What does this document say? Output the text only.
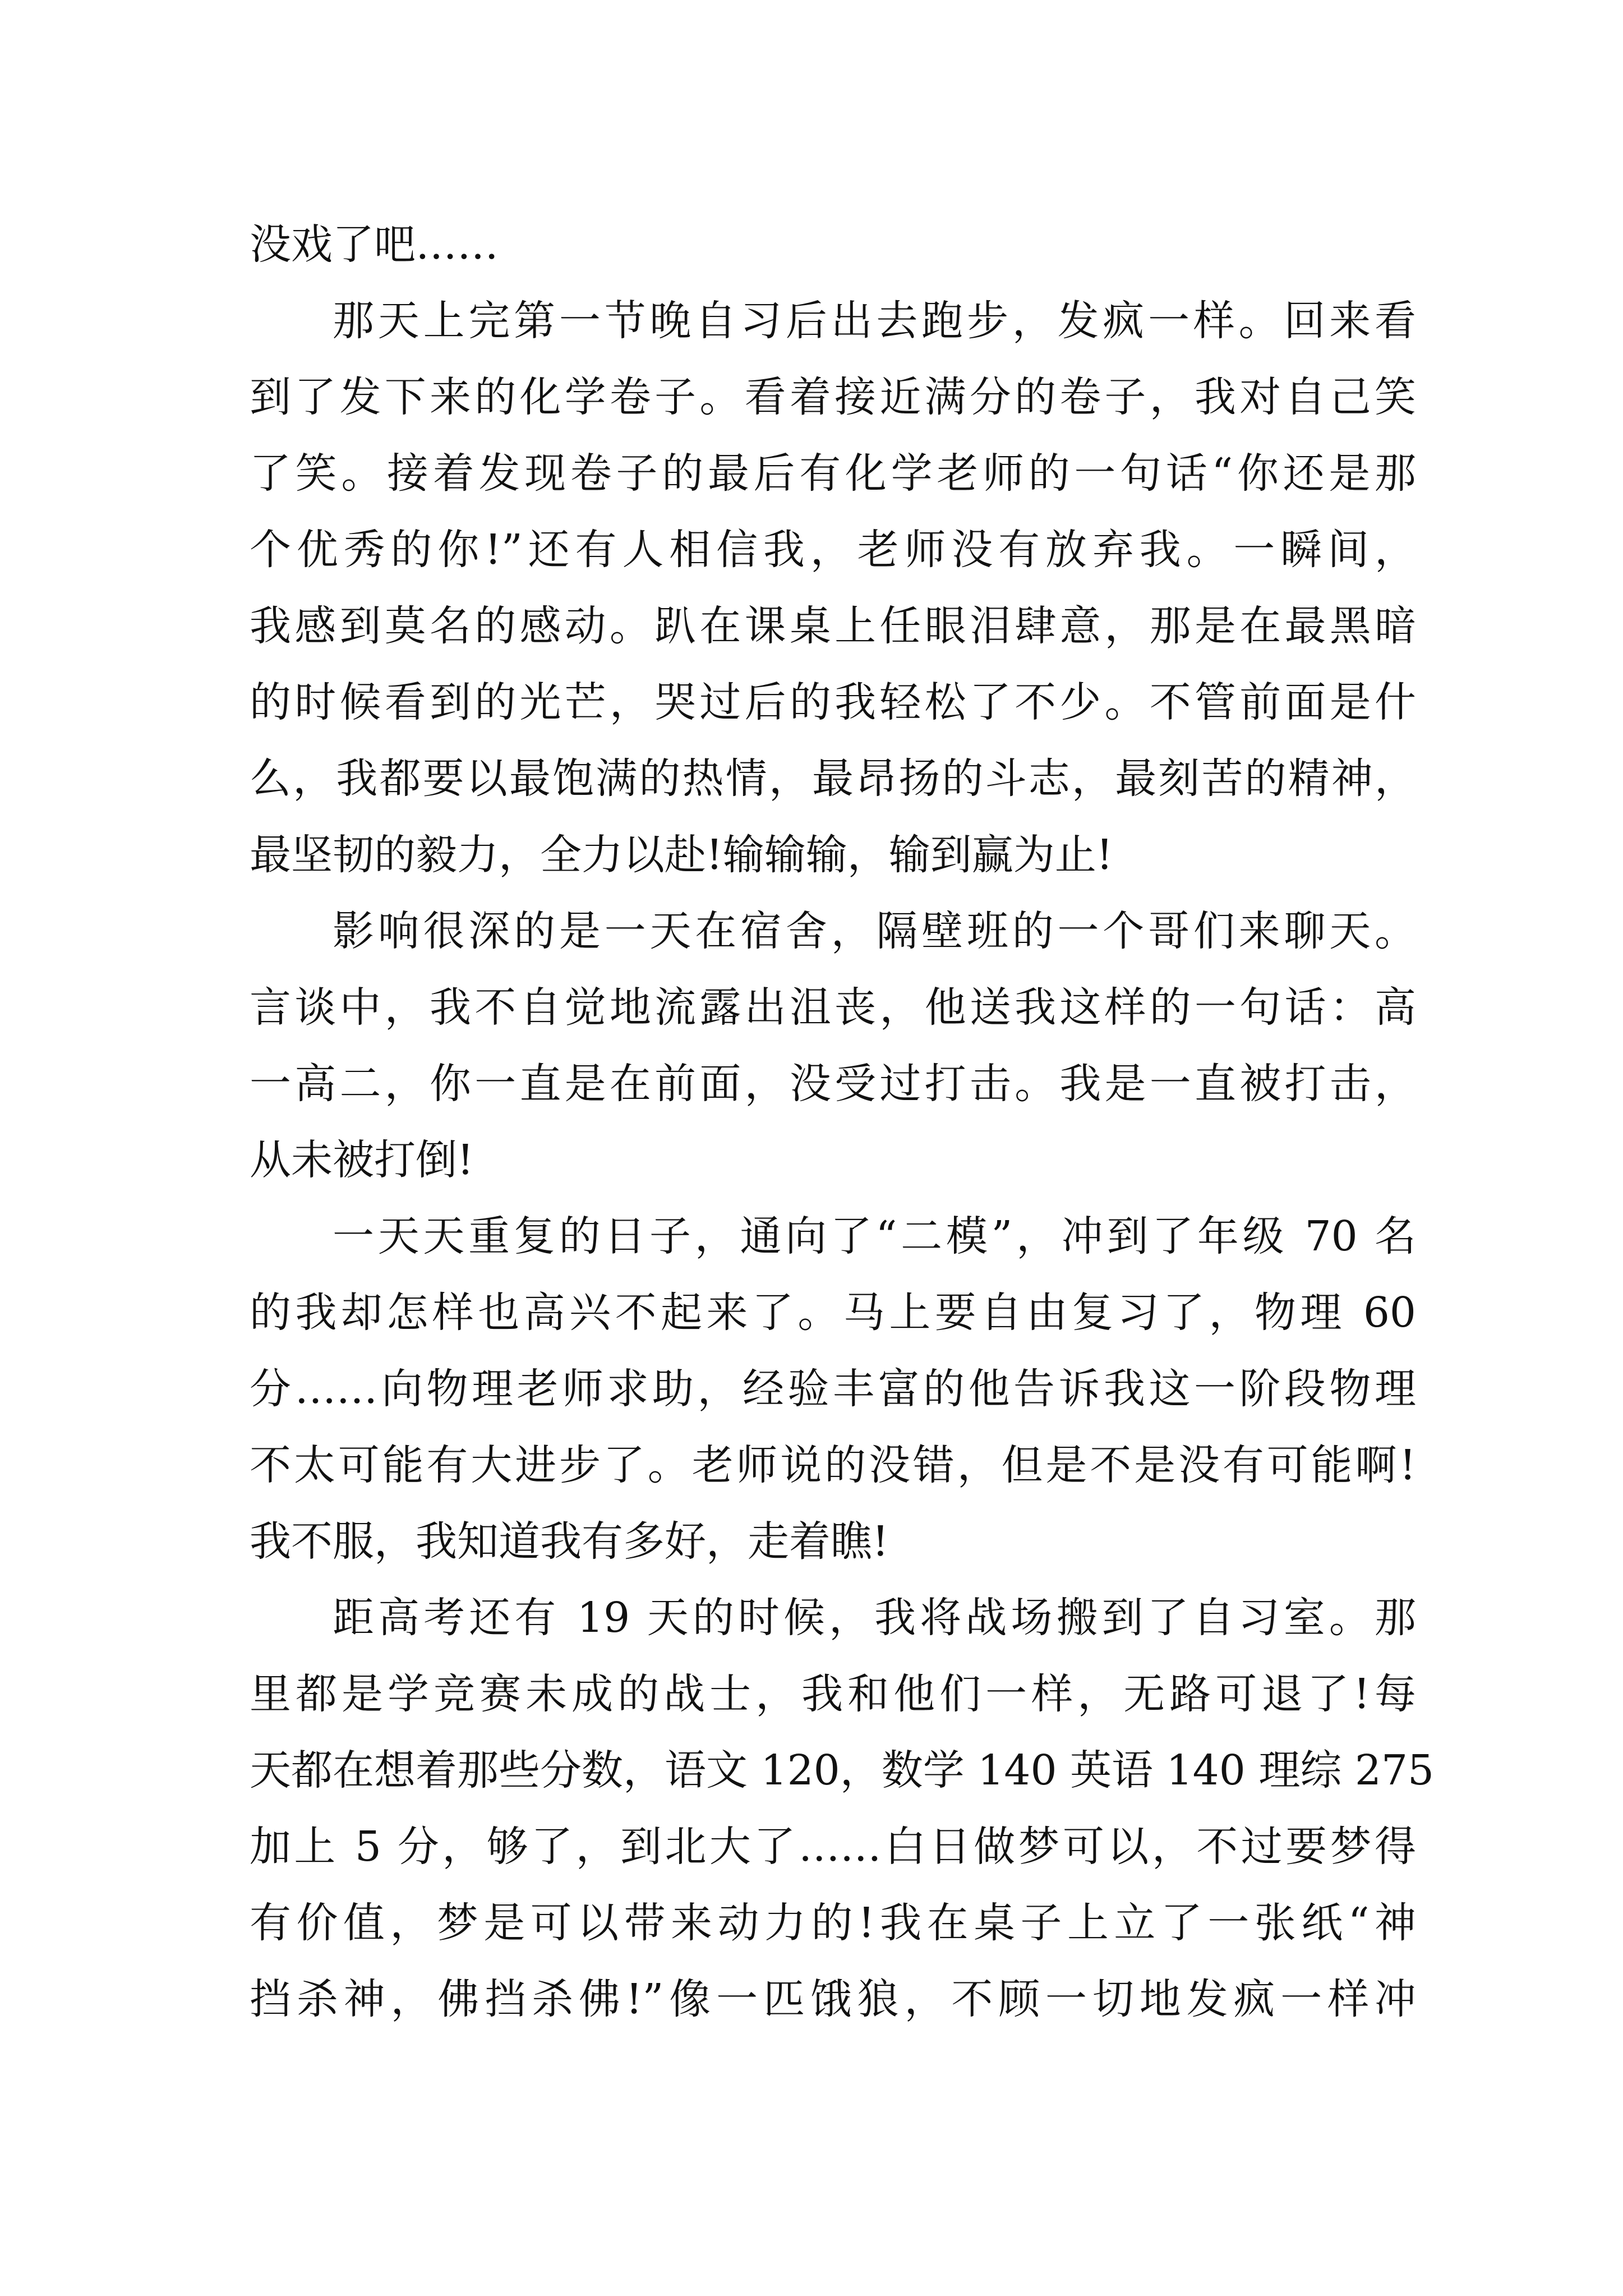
没戏了吧……
那天上完第一节晚自习后出去跑步，发疯一样。回来看
到了发下来的化学卷子。看着接近满分的卷子，我对自己笑
了笑。接着发现卷子的最后有化学老师的一句话“你还是那
个优秀的你!”还有人相信我，老师没有放弃我。一瞬间，
我感到莫名的感动。趴在课桌上任眼泪肆意，那是在最黑暗
的时候看到的光芒，哭过后的我轻松了不少。不管前面是什
么，我都要以最饱满的热情，最昂扬的斗志，最刻苦的精神，
最坚韧的毅力，全力以赴!输输输，输到赢为止!
影响很深的是一天在宿舍，隔壁班的一个哥们来聊天。
言谈中，我不自觉地流露出沮丧，他送我这样的一句话：高
一高二，你一直是在前面，没受过打击。我是一直被打击，
从未被打倒!
一天天重复的日子，通向了“二模”，冲到了年级 70 名
的我却怎样也高兴不起来了。马上要自由复习了，物理 60
分……向物理老师求助，经验丰富的他告诉我这一阶段物理
不太可能有大进步了。老师说的没错，但是不是没有可能啊!
我不服，我知道我有多好，走着瞧!
距高考还有 19 天的时候，我将战场搬到了自习室。那
里都是学竞赛未成的战士，我和他们一样，无路可退了!每
天都在想着那些分数，语文 120，数学 140 英语 140 理综 275
加上 5 分，够了，到北大了……白日做梦可以，不过要梦得
有价值，梦是可以带来动力的!我在桌子上立了一张纸“神
挡杀神，佛挡杀佛!”像一匹饿狼，不顾一切地发疯一样冲
